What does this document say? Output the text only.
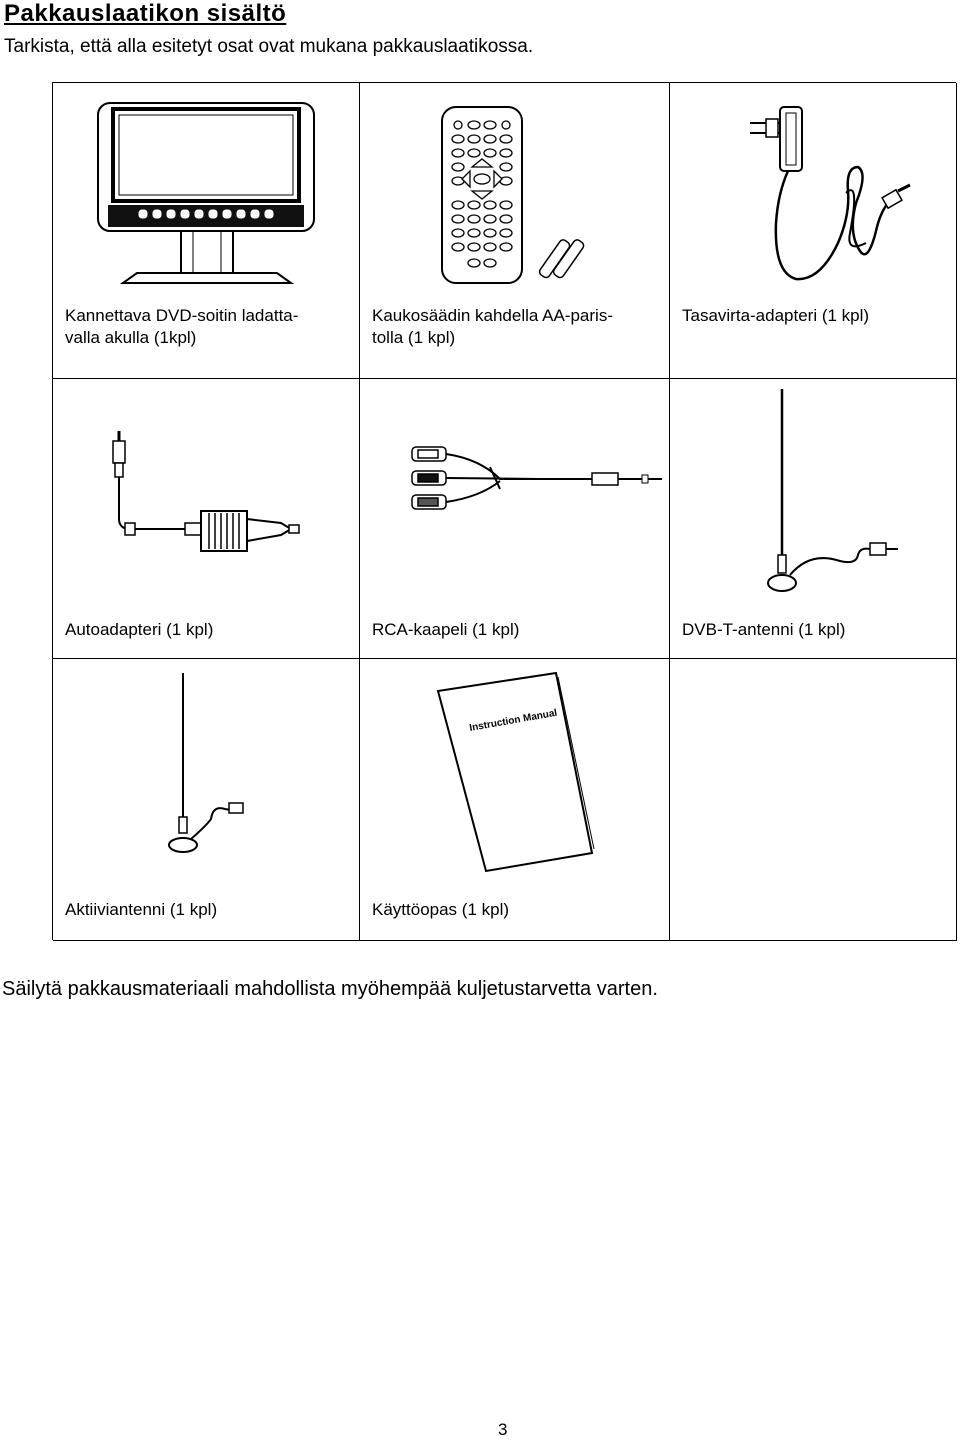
Pakkauslaatikon sisältö
Tarkista, että alla esitetyt osat ovat mukana pakkauslaatikossa.
Kannettava DVD-soitin ladatta-
valla akulla (1kpl)
Kaukosäädin kahdella AA-paris-
tolla (1 kpl)
Tasavirta-adapteri (1 kpl)
Autoadapteri (1 kpl)	RCA-kaapeli (1 kpl)	DVB-T-antenni (1 kpl)
Aktiiviantenni (1 kpl)
Instruction Manual
Käyttöopas (1 kpl)
Säilytä pakkausmateriaali mahdollista myöhempää kuljetustarvetta varten.
3
